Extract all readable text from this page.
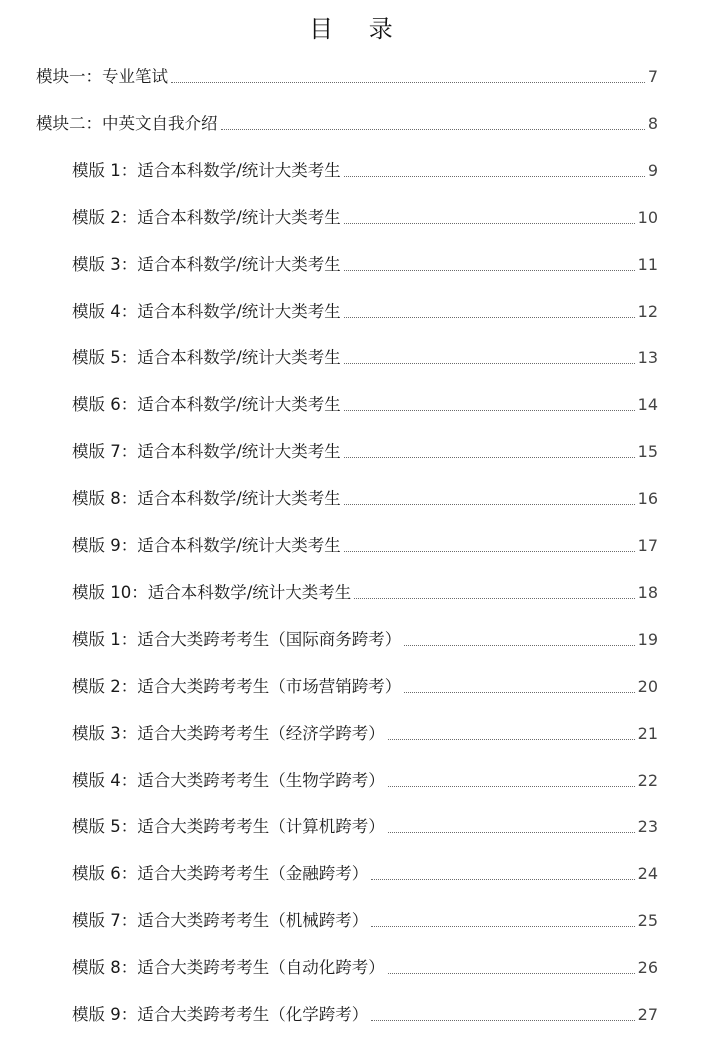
目 录
模块一：专业笔试	7
模块二：中英文自我介绍	8
模版 1：适合本科数学/统计大类考生	9
模版 2：适合本科数学/统计大类考生	10
模版 3：适合本科数学/统计大类考生	11
模版 4：适合本科数学/统计大类考生	12
模版 5：适合本科数学/统计大类考生	13
模版 6：适合本科数学/统计大类考生	14
模版 7：适合本科数学/统计大类考生	15
模版 8：适合本科数学/统计大类考生	16
模版 9：适合本科数学/统计大类考生	17
模版 10：适合本科数学/统计大类考生	18
模版 1：适合大类跨考考生（国际商务跨考）	19
模版 2：适合大类跨考考生（市场营销跨考）	20
模版 3：适合大类跨考考生（经济学跨考）	21
模版 4：适合大类跨考考生（生物学跨考）	22
模版 5：适合大类跨考考生（计算机跨考）	23
模版 6：适合大类跨考考生（金融跨考）	24
模版 7：适合大类跨考考生（机械跨考）	25
模版 8：适合大类跨考考生（自动化跨考）	26
模版 9：适合大类跨考考生（化学跨考）	27
